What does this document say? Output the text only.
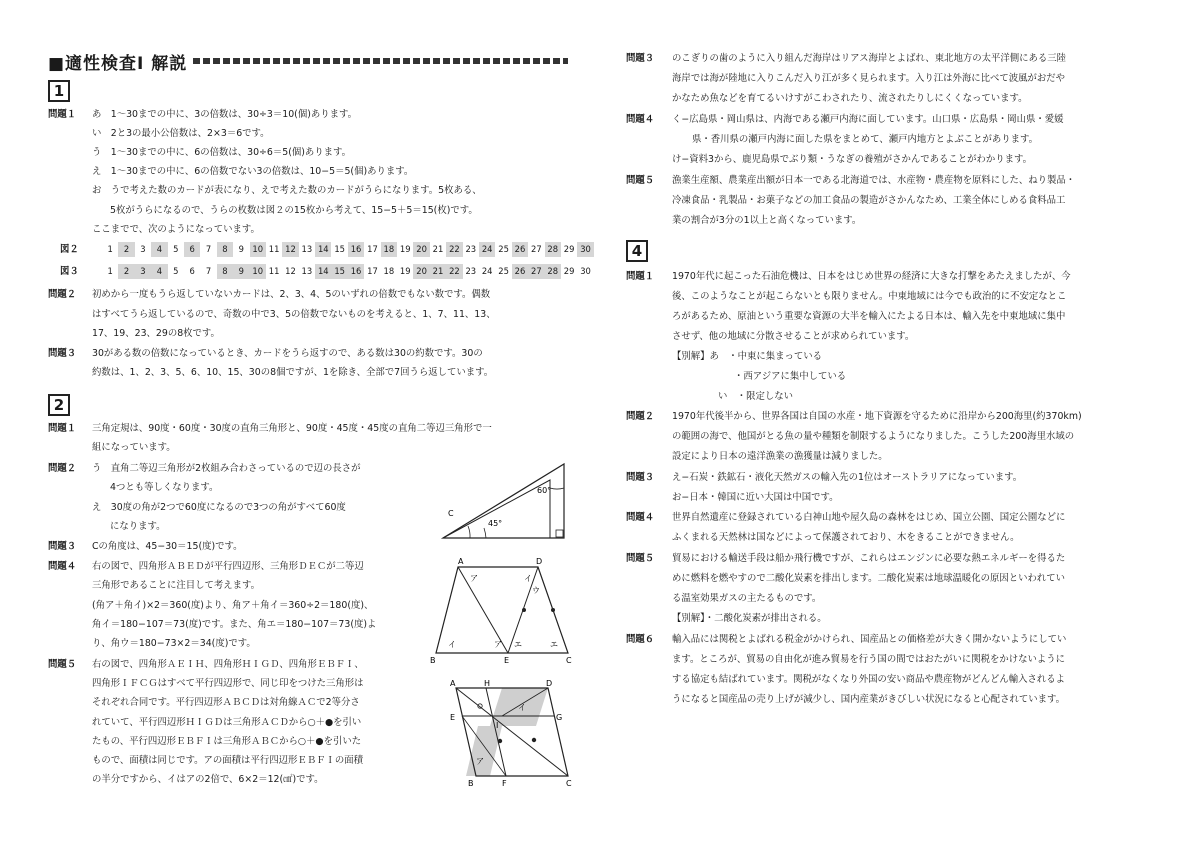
■適性検査Ⅰ 解説
1
問題１ あ　1〜30までの中に、3の倍数は、30÷3＝10(個)あります。
い　2と3の最小公倍数は、2×3＝6です。
う　1〜30までの中に、6の倍数は、30÷6＝5(個)あります。
え　1〜30までの中に、6の倍数でない3の倍数は、10−5＝5(個)あります。
お　うで考えた数のカードが表になり、えで考えた数のカードがうらになります。5枚ある、
5枚がうらになるので、うらの枚数は図２の15枚から考えて、15−5＋5＝15(枚)です。
ここまでで、次のようになっています。
図２	1	2	3	4	5	6	7	8	9 10 11 12 13 14 15 16 17 18 19 20 21 22 23 24 25 26 27 28 29 30
図３	1	2	3	4	5	6	7	8	9 10 11 12 13 14 15 16 17 18 19 20 21 22 23 24 25 26 27 28 29 30
問題２ 初めから一度もうら返していないカードは、2、3、4、5のいずれの倍数でもない数です。偶数
はすべてうら返しているので、奇数の中で3、5の倍数でないものを考えると、1、7、11、13、
17、19、23、29の8枚です。
問題３ 30がある数の倍数になっているとき、カードをうら返すので、ある数は30の約数です。30の
約数は、1、2、3、5、6、10、15、30の8個ですが、1を除き、全部で7回うら返しています。
2
問題１ 三角定規は、90度・60度・30度の直角三角形と、90度・45度・45度の直角二等辺三角形で一
組になっています。
問題２ う　直角二等辺三角形が2枚組み合わさっているので辺の長さが
4つとも等しくなります。
え　30度の角が2つで60度になるので3つの角がすべて60度
になります。
問題３ Cの角度は、45−30＝15(度)です。
問題４ 右の図で、四角形ＡＢＥＤが平行四辺形、三角形ＤＥＣが二等辺
三角形であることに注目して考えます。
(角ア＋角イ)×2＝360(度)より、角ア＋角イ＝360÷2＝180(度)、
角イ＝180−107＝73(度)です。また、角エ＝180−107＝73(度)よ
り、角ウ＝180−73×2＝34(度)です。
問題５ 右の図で、四角形ＡＥＩＨ、四角形ＨＩＧＤ、四角形ＥＢＦＩ、
四角形ＩＦＣＧはすべて平行四辺形で、同じ印をつけた三角形は
それぞれ合同です。平行四辺形ＡＢＣＤは対角線ＡＣで2等分さ
れていて、平行四辺形ＨＩＧＤは三角形ＡＣＤから○＋●を引い
たもの、平行四辺形ＥＢＦＩは三角形ＡＢＣから○＋●を引いた
もので、面積は同じです。アの面積は平行四辺形ＥＢＦＩの面積
の半分ですから、イはアの2倍で、6×2＝12(㎠)です。
C
45°
60°
A	D
B	E	C
ア	イ
ウ
イ	ア エ	エ
A	H	D
E
I
G
B	F	C
イ
ア
問題３ のこぎりの歯のように入り組んだ海岸はリアス海岸とよばれ、東北地方の太平洋側にある三陸
海岸では海が陸地に入りこんだ入り江が多く見られます。入り江は外海に比べて波風がおだや
かなため魚などを育てるいけすがこわされたり、流されたりしにくくなっています。
問題４ く−広島県・岡山県は、内海である瀬戸内海に面しています。山口県・広島県・岡山県・愛媛
県・香川県の瀬戸内海に面した県をまとめて、瀬戸内地方とよぶことがあります。
け−資料3から、鹿児島県でぶり類・うなぎの養殖がさかんであることがわかります。
問題５ 漁業生産額、農業産出額が日本一である北海道では、水産物・農産物を原料にした、ねり製品・
冷凍食品・乳製品・お菓子などの加工食品の製造がさかんなため、工業全体にしめる食料品工
業の割合が3分の1以上と高くなっています。
4
問題１ 1970年代に起こった石油危機は、日本をはじめ世界の経済に大きな打撃をあたえましたが、今
後、このようなことが起こらないとも限りません。中東地域には今でも政治的に不安定なとこ
ろがあるため、原油という重要な資源の大半を輸入にたよる日本は、輸入先を中東地域に集中
させず、他の地域に分散させることが求められています。
【別解】あ　・中東に集まっている
・西アジアに集中している
い　・限定しない
問題２ 1970年代後半から、世界各国は自国の水産・地下資源を守るために沿岸から200海里(約370km)
の範囲の海で、他国がとる魚の量や種類を制限するようになりました。こうした200海里水域の
設定により日本の遠洋漁業の漁獲量は減りました。
問題３ え−石炭・鉄鉱石・液化天然ガスの輸入先の1位はオーストラリアになっています。
お−日本・韓国に近い大国は中国です。
問題４ 世界自然遺産に登録されている白神山地や屋久島の森林をはじめ、国立公園、国定公園などに
ふくまれる天然林は国などによって保護されており、木をきることができません。
問題５ 貿易における輸送手段は船か飛行機ですが、これらはエンジンに必要な熱エネルギーを得るた
めに燃料を燃やすので二酸化炭素を排出します。二酸化炭素は地球温暖化の原因といわれてい
る温室効果ガスの主たるものです。
【別解】・二酸化炭素が排出される。
問題６ 輸入品には関税とよばれる税金がかけられ、国産品との価格差が大きく開かないようにしてい
ます。ところが、貿易の自由化が進み貿易を行う国の間ではおたがいに関税をかけないように
する協定も結ばれています。関税がなくなり外国の安い商品や農産物がどんどん輸入されるよ
うになると国産品の売り上げが減少し、国内産業がきびしい状況になると心配されています。
